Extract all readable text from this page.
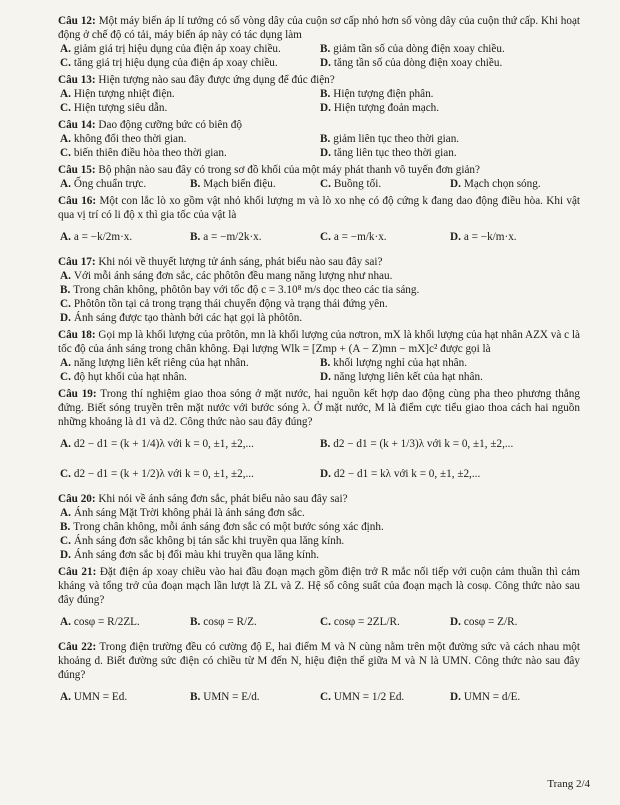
Câu 12: Một máy biến áp lí tưởng có số vòng dây của cuộn sơ cấp nhỏ hơn số vòng dây của cuộn thứ cấp. Khi hoạt động ở chế độ có tải, máy biến áp này có tác dụng làm
A. giảm giá trị hiệu dụng của điện áp xoay chiều.	B. giảm tần số của dòng điện xoay chiều.
C. tăng giá trị hiệu dụng của điện áp xoay chiều.	D. tăng tần số của dòng điện xoay chiều.
Câu 13: Hiện tượng nào sau đây được ứng dụng để đúc điện?
A. Hiện tượng nhiệt điện.	B. Hiện tượng điện phân.
C. Hiện tượng siêu dẫn.	D. Hiện tượng đoản mạch.
Câu 14: Dao động cưỡng bức có biên độ
A. không đổi theo thời gian.	B. giảm liên tục theo thời gian.
C. biến thiên điều hòa theo thời gian.	D. tăng liên tục theo thời gian.
Câu 15: Bộ phận nào sau đây có trong sơ đồ khối của một máy phát thanh vô tuyến đơn giản?
A. Ống chuẩn trực.	B. Mạch biến điệu.	C. Buồng tối.	D. Mạch chọn sóng.
Câu 16: Một con lắc lò xo gồm vật nhỏ khối lượng m và lò xo nhẹ có độ cứng k đang dao động điều hòa. Khi vật qua vị trí có li độ x thì gia tốc của vật là
A. a = −k/2m·x.	B. a = −m/2k·x.	C. a = −m/k·x.	D. a = −k/m·x.
Câu 17: Khi nói về thuyết lượng tử ánh sáng, phát biểu nào sau đây sai?
A. Với mỗi ánh sáng đơn sắc, các phôtôn đều mang năng lượng như nhau.
B. Trong chân không, phôtôn bay với tốc độ c = 3.10⁸ m/s dọc theo các tia sáng.
C. Phôtôn tồn tại cả trong trạng thái chuyển động và trạng thái đứng yên.
D. Ánh sáng được tạo thành bởi các hạt gọi là phôtôn.
Câu 18: Gọi mp là khối lượng của prôtôn, mn là khối lượng của nơtron, mX là khối lượng của hạt nhân AZX và c là tốc độ của ánh sáng trong chân không. Đại lượng Wlk = [Zmp + (A − Z)mn − mX]c² được gọi là
A. năng lượng liên kết riêng của hạt nhân.	B. khối lượng nghỉ của hạt nhân.
C. độ hụt khối của hạt nhân.	D. năng lượng liên kết của hạt nhân.
Câu 19: Trong thí nghiệm giao thoa sóng ở mặt nước, hai nguồn kết hợp dao động cùng pha theo phương thẳng đứng. Biết sóng truyền trên mặt nước với bước sóng λ. Ở mặt nước, M là điểm cực tiểu giao thoa cách hai nguồn những khoảng là d1 và d2. Công thức nào sau đây đúng?
A. d2 − d1 = (k + 1/4)λ với k = 0, ±1, ±2,...	B. d2 − d1 = (k + 1/3)λ với k = 0, ±1, ±2,...
C. d2 − d1 = (k + 1/2)λ với k = 0, ±1, ±2,...	D. d2 − d1 = kλ với k = 0, ±1, ±2,...
Câu 20: Khi nói về ánh sáng đơn sắc, phát biểu nào sau đây sai?
A. Ánh sáng Mặt Trời không phải là ánh sáng đơn sắc.
B. Trong chân không, mỗi ánh sáng đơn sắc có một bước sóng xác định.
C. Ánh sáng đơn sắc không bị tán sắc khi truyền qua lăng kính.
D. Ánh sáng đơn sắc bị đổi màu khi truyền qua lăng kính.
Câu 21: Đặt điện áp xoay chiều vào hai đầu đoạn mạch gồm điện trở R mắc nối tiếp với cuộn cảm thuần thì cảm kháng và tổng trở của đoạn mạch lần lượt là ZL và Z. Hệ số công suất của đoạn mạch là cosφ. Công thức nào sau đây đúng?
A. cosφ = R/2ZL.	B. cosφ = R/Z.	C. cosφ = 2ZL/R.	D. cosφ = Z/R.
Câu 22: Trong điện trường đều có cường độ E, hai điểm M và N cùng nằm trên một đường sức và cách nhau một khoảng d. Biết đường sức điện có chiều từ M đến N, hiệu điện thế giữa M và N là UMN. Công thức nào sau đây đúng?
A. UMN = Ed.	B. UMN = E/d.	C. UMN = 1/2 Ed.	D. UMN = d/E.
Trang 2/4
